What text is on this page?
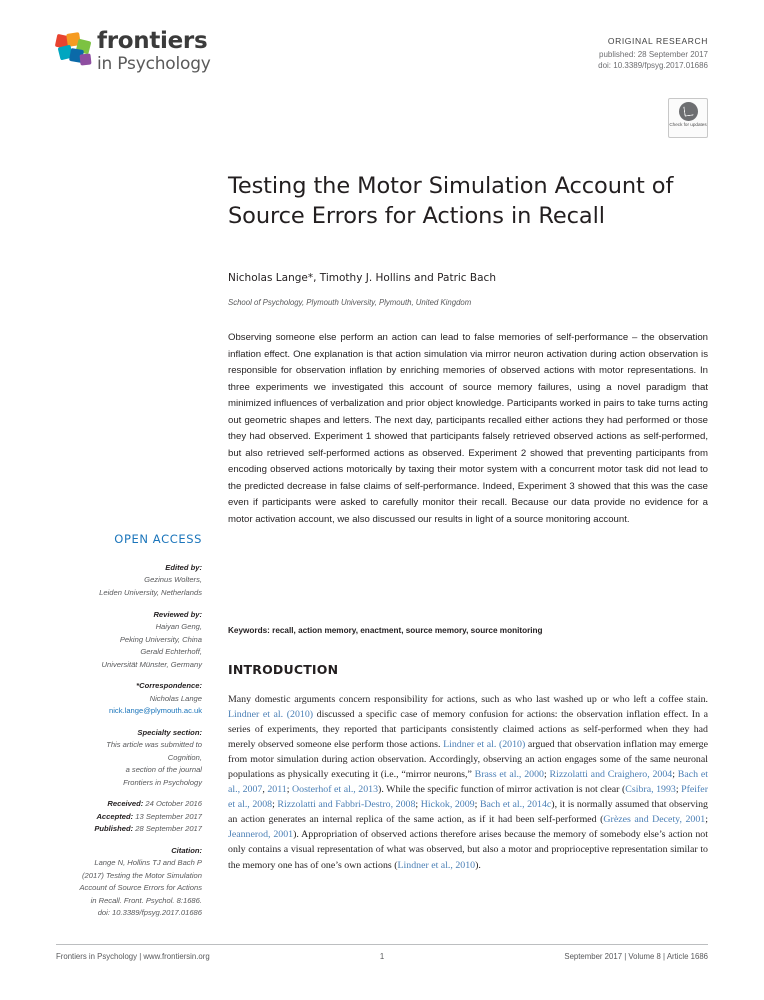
frontiers
in Psychology
ORIGINAL RESEARCH
published: 28 September 2017
doi: 10.3389/fpsyg.2017.01686
Check for updates
Testing the Motor Simulation Account of Source Errors for Actions in Recall
Nicholas Lange*, Timothy J. Hollins and Patric Bach
School of Psychology, Plymouth University, Plymouth, United Kingdom
Observing someone else perform an action can lead to false memories of self-performance – the observation inflation effect. One explanation is that action simulation via mirror neuron activation during action observation is responsible for observation inflation by enriching memories of observed actions with motor representations. In three experiments we investigated this account of source memory failures, using a novel paradigm that minimized influences of verbalization and prior object knowledge. Participants worked in pairs to take turns acting out geometric shapes and letters. The next day, participants recalled either actions they had performed or those they had observed. Experiment 1 showed that participants falsely retrieved observed actions as self-performed, but also retrieved self-performed actions as observed. Experiment 2 showed that preventing participants from encoding observed actions motorically by taxing their motor system with a concurrent motor task did not lead to the predicted decrease in false claims of self-performance. Indeed, Experiment 3 showed that this was the case even if participants were asked to carefully monitor their recall. Because our data provide no evidence for a motor activation account, we also discussed our results in light of a source monitoring account.
Keywords: recall, action memory, enactment, source memory, source monitoring
INTRODUCTION
Many domestic arguments concern responsibility for actions, such as who last washed up or who left a coffee stain. Lindner et al. (2010) discussed a specific case of memory confusion for actions: the observation inflation effect. In a series of experiments, they reported that participants consistently claimed actions as self-performed when they had merely observed someone else perform those actions. Lindner et al. (2010) argued that observation inflation may emerge from motor simulation during action observation. Accordingly, observing an action engages some of the same neuronal populations as physically executing it (i.e., “mirror neurons,” Brass et al., 2000; Rizzolatti and Craighero, 2004; Bach et al., 2007, 2011; Oosterhof et al., 2013). While the specific function of mirror activation is not clear (Csibra, 1993; Pfeifer et al., 2008; Rizzolatti and Fabbri-Destro, 2008; Hickok, 2009; Bach et al., 2014c), it is normally assumed that observing an action generates an internal replica of the same action, as if it had been self-performed (Grèzes and Decety, 2001; Jeannerod, 2001). Appropriation of observed actions therefore arises because the memory of somebody else’s action not only contains a visual representation of what was observed, but also a motor and proprioceptive representation similar to the memory one has of one’s own actions (Lindner et al., 2010).
OPEN ACCESS
Edited by:
Gezinus Wolters,
Leiden University, Netherlands
Reviewed by:
Haiyan Geng,
Peking University, China
Gerald Echterhoff,
Universität Münster, Germany
*Correspondence:
Nicholas Lange
nick.lange@plymouth.ac.uk
Specialty section:
This article was submitted to
Cognition,
a section of the journal
Frontiers in Psychology
Received: 24 October 2016
Accepted: 13 September 2017
Published: 28 September 2017
Citation:
Lange N, Hollins TJ and Bach P
(2017) Testing the Motor Simulation
Account of Source Errors for Actions
in Recall. Front. Psychol. 8:1686.
doi: 10.3389/fpsyg.2017.01686
Frontiers in Psychology | www.frontiersin.org	September 2017 | Volume 8 | Article 1686
1
